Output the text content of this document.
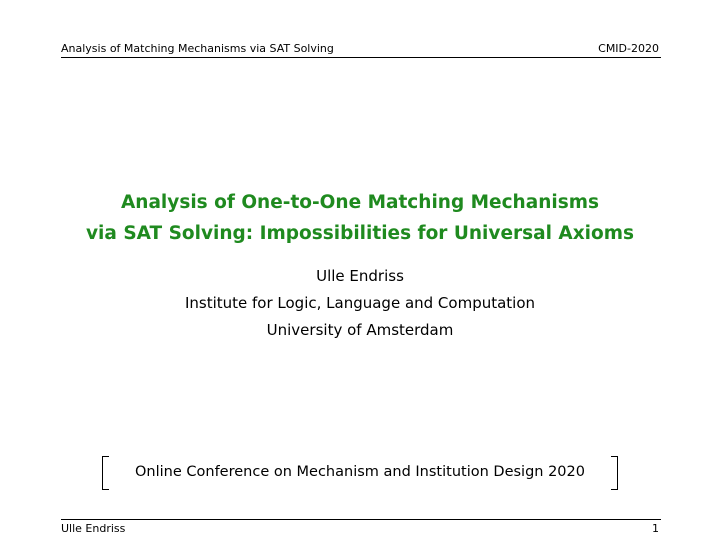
Analysis of Matching Mechanisms via SAT Solving	CMID-2020
Analysis of One-to-One Matching Mechanisms
via SAT Solving: Impossibilities for Universal Axioms
Ulle Endriss
Institute for Logic, Language and Computation
University of Amsterdam
Online Conference on Mechanism and Institution Design 2020
Ulle Endriss	1
